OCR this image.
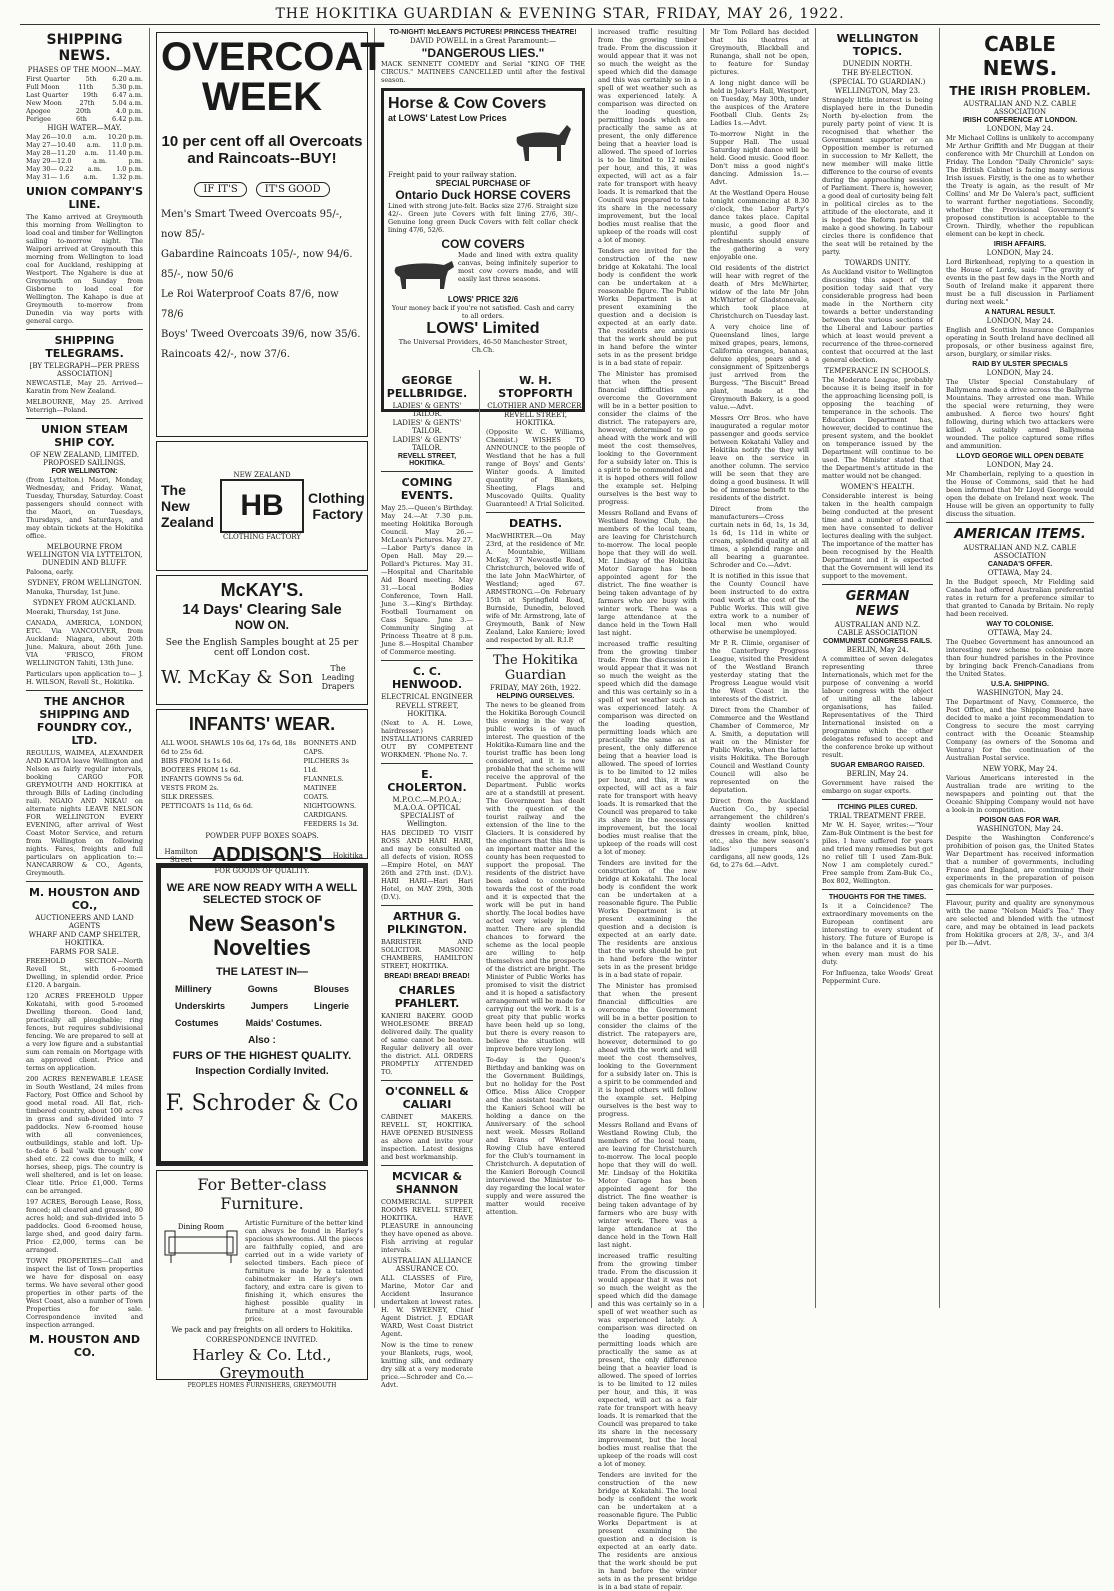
THE HOKITIKA GUARDIAN & EVENING STAR, FRIDAY, MAY 26, 1922.
SHIPPING NEWS.
PHASES OF THE MOON—MAY.
First Quarter 5th 6.20 a.m.
Full Moon	11th	5.30 p.m.
Last Quarter 19th 6.47 a.m.
New Moon	27th	5.04 a.m.
Apogee	20th	4.0 p.m.
Perigee	6th	6.42 p.m.
HIGH WATER—MAY.
May 26—10.0 a.m. 10.20 p.m.
May 27—10.40 a.m. 11.0 p.m.
May 28—11.20 a.m. 11.40 p.m.
May 29—12.0	a.m.	p.m.
May 30— 0.22 a.m. 1.0 p.m.
May 31— 1.6 a.m. 1.32 p.m.
UNION COMPANY'S LINE.

The Kamo arrived at Greymouth this morning from Wellington to load coal and timber for Wellington sailing to-morrow night. The Waipori arrived at Greymouth this morning from Wellington to load coal for Auckland, reshipping at Westport. The Ngahere is due at Greymouth on Sunday from Gisborne to load coal for Wellington. The Kahapo is due at Greymouth to-morrow from Dunedin via way ports with general cargo.

SHIPPING TELEGRAMS.
[BY TELEGRAPH—PER PRESS ASSOCIATION]

NEWCASTLE, May 25. Arrived—Karatin from New Zealand.

MELBOURNE, May 25. Arrived Yeterrigh—Poland.

UNION STEAM SHIP COY.
OF NEW ZEALAND, LIMITED. PROPOSED SAILINGS.
FOR WELLINGTON:

(from Lyttelton.) Maori, Monday, Wednesday, and Friday. Wanat, Tuesday, Thursday, Saturday. Coast passengers should connect with the Maori, on Tuesdays, Thursdays, and Saturdays, and may obtain tickets at the Hokitika office.

MELBOURNE FROM WELLINGTON VIA LYTTELTON, DUNEDIN AND BLUFF.

Paloona, early.

SYDNEY, FROM WELLINGTON.

Manuka, Thursday, 1st June.

SYDNEY FROM AUCKLAND.

Moeraki, Thursday, 1st June.

CANADA, AMERICA, LONDON, ETC. Via VANCOUVER, from Auckland: Niagara, about 20th June. Makura, about 26th June. VIA 'FRISCO, FROM WELLINGTON Tahiti, 13th June.

Particulars upon application to— J. H. WILSON, Revell St., Hokitika.

THE ANCHOR SHIPPING AND FOUNDRY COY., LTD.

REGULUS, WAIMEA, ALEXANDER AND KAITOA leave Wellington and Nelson as fairly regular intervals, booking CARGO FOR GREYMOUTH AND HOKITIKA at through Bills of Lading (including rail). NGAIO AND NIKAU on alternate nights LEAVE NELSON FOR WELLINGTON EVERY EVENING, after arrival of West Coast Motor Service, and return from Wellington on following nights. Fares, freights and full particulars on application to:— NANCARROW & CO., Agents, Greymouth.

M. HOUSTON AND CO.,
AUCTIONEERS AND LAND AGENTS
WHARF AND CAMP SHELTER, HOKITIKA.
FARMS FOR SALE.

FREEHOLD SECTION—North Revell St., with 6-roomed Dwelling, in splendid order. Price £120. A bargain.

120 ACRES FREEHOLD Upper Kokatahi, with good 5-roomed Dwelling thereon. Good land, practically all ploughable; ring fences, but requires subdivisional fencing. We are prepared to sell at a very low figure and a substantial sum can remain on Mortgage with an approved client. Price and terms on application.

200 ACRES RENEWABLE LEASE in South Westland, 24 miles from Factory, Post Office and School by good metal road. All flat, rich-timbered country, about 100 acres in grass and sub-divided into 7 paddocks. New 6-roomed house with all conveniences, outbuildings, stable and loft. Up-to-date 6 bail 'walk through' cow shed etc. 22 cows due to milk, 4 horses, sheep, pigs. The country is well sheltered, and is let on lease. Clear title. Price £1,000. Terms can be arranged.

197 ACRES, Borough Lease, Ross, fenced; all cleared and grassed, 80 acres hold; and sub-divided into 5 paddocks. Good 6-roomed house, large shed, and good dairy farm. Price £2,000, terms can be arranged.

TOWN PROPERTIES—Call and inspect the list of Town properties we have for disposal on easy terms. We have several other good properties in other parts of the West Coast, also a number of Town Properties for sale. Correspondence invited and inspection arranged.

M. HOUSTON AND CO.
OVERCOAT
WEEK
10 per cent off all Overcoats and Raincoats--BUY!
IF IT'S	IT'S GOOD
Men's Smart Tweed Overcoats 95/-, now 85/-
Gabardine Raincoats 105/-, now 94/6.
85/-, now 50/6
Le Roi Waterproof Coats 87/6, now 78/6
Boys' Tweed Overcoats 39/6, now 35/6.
Raincoats 42/-, now 37/6.
The New Zealand
NEW ZEALAND
HB
CLOTHING FACTORY
Clothing Factory
McKAY'S.
14 Days' Clearing Sale
NOW ON.
See the English Samples bought at 25 per cent off London cost.
W. McKay & Son	The Leading Drapers
INFANTS' WEAR.
ALL WOOL SHAWLS 10s 6d, 17s 6d, 18s 6d to 25s 6d.
BIBS FROM 1s 1s 6d.
BOOTEES FROM 1s 6d.
INFANTS GOWNS 5s 6d.
VESTS FROM 2s.
SILK DRESSES.
PETTICOATS 1s 11d, 6s 6d.
BONNETS AND CAPS.
PILCHERS 3s 11d.
FLANNELS.
MATINEE COATS.
NIGHTGOWNS.
CARDIGANS.
FEEDERS 1s 3d.
POWDER PUFF BOXES SOAPS.
Hamilton Street ADDISON'S Hokitika
FOR GOODS OF QUALITY.
WE ARE NOW READY WITH A WELL SELECTED STOCK OF
New Season's Novelties
THE LATEST IN—
Millinery	Gowns	Blouses
Underskirts	Jumpers	Lingerie
Costumes	Maids' Costumes.
Also :
FURS OF THE HIGHEST QUALITY.
Inspection Cordially Invited.
F. Schroder & Co
For Better-class Furniture.
Dining Room	Artistic Furniture of the better kind can always be found in Harley's spacious showrooms. All the pieces are faithfully copied, and are carried out in a wide variety of selected timbers. Each piece of furniture is made by a talented cabinetmaker in Harley's own factory, and extra care is given to finishing it, which ensures the highest possible quality in furniture at a most favourable price.

We pack and pay freights on all orders to Hokitika.
CORRESPONDENCE INVITED.
Harley & Co. Ltd., Greymouth
PEOPLES HOMES FURNISHERS, GREYMOUTH
TO-NIGHT! McLEAN'S PICTURES! PRINCESS THEATRE!
DAVID POWELL in a Great Paramount:—
"DANGEROUS LIES."

MACK SENNETT COMEDY and Serial "KING OF THE CIRCUS." MATINEES CANCELLED until after the festival season.

Horse & Cow Covers
at LOWS' Latest Low Prices
Freight paid to your railway station.
SPECIAL PURCHASE OF
Ontario Duck HORSE COVERS

Lined with strong jute-felt. Backs size 27/6. Straight size 42/-. Green jute Covers with felt lining 27/6, 30/-. Genuine long green Duck Covers with felt collar check lining 47/6, 52/6.

COW COVERS

Made and lined with extra quality canvas, being infinitely superior to most cow covers made, and will easily last three seasons.

LOWS' PRICE 32/6
Your money back if you're not satisfied. Cash and carry to all orders.
LOWS' Limited
The Universal Providers, 46-50 Manchester Street, Ch.Ch.
GEORGE PELLBRIDGE.
LADIES' & GENTS' TAILOR.
LADIES' & GENTS' TAILOR.
LADIES' & GENTS' TAILOR.
REVELL STREET, HOKITIKA.
COMING EVENTS.

May 25.—Queen's Birthday. May 24.—At 7.30 p.m. meeting Hokitika Borough Council. May 26.—McLean's Pictures. May 27.—Labor Party's dance in Open Hall. May 29.—Pollard's Pictures. May 31.—Hospital and Charitable Aid Board meeting. May 31.—Local Bodies Conference, Town Hall. June 3.—King's Birthday. Football Tournament on Cass Square. June 3.—Community Singing at Princess Theatre at 8 p.m. June 8.—Hospital Chamber of Commerce meeting.

C. C. HENWOOD.
ELECTRICAL ENGINEER
REVELL STREET, HOKITIKA.

(Next to A. H. Lowe, hairdresser.) INSTALLATIONS CARRIED OUT BY COMPETENT WORKMEN. 'Phone No. 7.

E. CHOLERTON.
M.P.O.C.—M.P.O.A.; M.A.O.A. OPTICAL SPECIALIST of Wellington.

HAS DECIDED TO VISIT ROSS AND HARI HARI, and may be consulted on all defects of vision. ROSS—Empire Hotel, on MAY 26th and 27th inst. (D.V.). HARI HARI—Hari Hari Hotel, on MAY 29th, 30th (D.V.).

ARTHUR G. PILKINGTON.

BARRISTER AND SOLICITOR. MASONIC CHAMBERS, HAMILTON STREET, HOKITIKA.

BREAD! BREAD! BREAD!
CHARLES PFAHLERT.

KANIERI BAKERY. GOOD WHOLESOME BREAD delivered daily. The quality of same cannot be beaten. Regular delivery all over the district. ALL ORDERS PROMPTLY ATTENDED TO.

O'CONNELL & CALIARI

CABINET MAKERS. REVELL ST, HOKITIKA. HAVE OPENED BUSINESS as above and invite your inspection. Latest designs and best workmanship.

MCVICAR & SHANNON

COMMERCIAL SUPPER ROOMS REVELL STREET, HOKITIKA. HAVE PLEASURE in announcing they have opened as above. Fish arriving at regular intervals.

AUSTRALIAN ALLIANCE ASSURANCE CO.

ALL CLASSES of Fire, Marine, Motor Car and Accident Insurance undertaken at lowest rates. H. W. SWEENEY, Chief Agent District. J. EDGAR WARD, West Coast District Agent.

Now is the time to renew your Blankets, rugs, wool, knitting silk, and ordinary dry silk at a very moderate price.—Schroder and Co.—Advt.

W. H. STOPFORTH
CLOTHIER AND MERCER.
REVELL STREET, HOKITIKA.

(Opposite W. C. Williams, Chemist.) WISHES TO ANNOUNCE to the people of Westland that he has a full range of Boys' and Gents' Winter goods. A limited quantity of Blankets, Sheeting, Flags and Muscovado Quilts. Quality Guaranteed! A Trial Solicited.

DEATHS.

MacWHIRTER.—On May 23rd, at the residence of Mr. A. Mountabie, William McKay, 37 Newcastle Road, Christchurch, beloved wife of the late John MacWhirter, of Westland; aged 67. ARMSTRONG.—On February 15th at Springfield Road, Burnside, Dunedin, beloved wife of Mr. Armstrong, late of Greymouth, Bank of New Zealand, Lake Kaniere; loved and respected by all. R.I.P.

The Hokitika Guardian
FRIDAY, MAY 26th, 1922.
HELPING OURSELVES.

The news to be gleaned from the Hokitika Borough Council this evening in the way of public works is of much interest. The question of the Hokitika-Kumara line and the tourist traffic has been long considered, and it is now probable that the scheme will receive the approval of the Department. Public works are at a standstill at present. The Government has dealt with the question of the tourist railway and the extension of the line to the Glaciers. It is considered by the engineers that this line is an important matter and the county has been requested to support the proposal. The residents of the district have been asked to contribute towards the cost of the road and it is expected that the work will be put in hand shortly. The local bodies have acted very wisely in the matter. There are splendid chances to forward the scheme as the local people are willing to help themselves and the prospects of the district are bright. The Minister of Public Works has promised to visit the district and it is hoped a satisfactory arrangement will be made for carrying out the work. It is a great pity that public works have been held up so long, but there is every reason to believe the situation will improve before very long.

To-day is the Queen's Birthday and banking was on the Government Buildings, but no holiday for the Post Office. Miss Alice Cropper and the assistant teacher at the Kanieri School will be holding a dance on the Anniversary of the school next week. Messrs Rolland and Evans of Westland Rowing Club have entered for the Club's tournament in Christchurch. A deputation of the Kanieri Borough Council interviewed the Minister to-day regarding the local water supply and were assured the matter would receive attention.

increased traffic resulting from the growing timber trade. From the discussion it would appear that it was not so much the weight as the speed which did the damage and this was certainly so in a spell of wet weather such as was experienced lately. A comparison was directed on the loading question, permitting loads which are practically the same as at present, the only difference being that a heavier load is allowed. The speed of lorries is to be limited to 12 miles per hour, and this, it was expected, will act as a fair rate for transport with heavy loads. It is remarked that the Council was prepared to take its share in the necessary improvement, but the local bodies must realise that the upkeep of the roads will cost a lot of money.

Tenders are invited for the construction of the new bridge at Kokatahi. The local body is confident the work can be undertaken at a reasonable figure. The Public Works Department is at present examining the question and a decision is expected at an early date. The residents are anxious that the work should be put in hand before the winter sets in as the present bridge is in a bad state of repair.

The Minister has promised that when the present financial difficulties are overcome the Government will be in a better position to consider the claims of the district. The ratepayers are, however, determined to go ahead with the work and will meet the cost themselves, looking to the Government for a subsidy later on. This is a spirit to be commended and it is hoped others will follow the example set. Helping ourselves is the best way to progress.

Messrs Rolland and Evans of Westland Rowing Club, the members of the local team, are leaving for Christchurch to-morrow. The local people hope that they will do well. Mr. Lindsay of the Hokitika Motor Garage has been appointed agent for the district. The fine weather is being taken advantage of by farmers who are busy with winter work. There was a large attendance at the dance held in the Town Hall last night.

increased traffic resulting from the growing timber trade. From the discussion it would appear that it was not so much the weight as the speed which did the damage and this was certainly so in a spell of wet weather such as was experienced lately. A comparison was directed on the loading question, permitting loads which are practically the same as at present, the only difference being that a heavier load is allowed. The speed of lorries is to be limited to 12 miles per hour, and this, it was expected, will act as a fair rate for transport with heavy loads. It is remarked that the Council was prepared to take its share in the necessary improvement, but the local bodies must realise that the upkeep of the roads will cost a lot of money.

Tenders are invited for the construction of the new bridge at Kokatahi. The local body is confident the work can be undertaken at a reasonable figure. The Public Works Department is at present examining the question and a decision is expected at an early date. The residents are anxious that the work should be put in hand before the winter sets in as the present bridge is in a bad state of repair.

The Minister has promised that when the present financial difficulties are overcome the Government will be in a better position to consider the claims of the district. The ratepayers are, however, determined to go ahead with the work and will meet the cost themselves, looking to the Government for a subsidy later on. This is a spirit to be commended and it is hoped others will follow the example set. Helping ourselves is the best way to progress.

Messrs Rolland and Evans of Westland Rowing Club, the members of the local team, are leaving for Christchurch to-morrow. The local people hope that they will do well. Mr. Lindsay of the Hokitika Motor Garage has been appointed agent for the district. The fine weather is being taken advantage of by farmers who are busy with winter work. There was a large attendance at the dance held in the Town Hall last night.

increased traffic resulting from the growing timber trade. From the discussion it would appear that it was not so much the weight as the speed which did the damage and this was certainly so in a spell of wet weather such as was experienced lately. A comparison was directed on the loading question, permitting loads which are practically the same as at present, the only difference being that a heavier load is allowed. The speed of lorries is to be limited to 12 miles per hour, and this, it was expected, will act as a fair rate for transport with heavy loads. It is remarked that the Council was prepared to take its share in the necessary improvement, but the local bodies must realise that the upkeep of the roads will cost a lot of money.

Tenders are invited for the construction of the new bridge at Kokatahi. The local body is confident the work can be undertaken at a reasonable figure. The Public Works Department is at present examining the question and a decision is expected at an early date. The residents are anxious that the work should be put in hand before the winter sets in as the present bridge is in a bad state of repair.

Mr Tom Pollard has decided that his theatres at Greymouth, Blackball and Runanga, shall not be open, to feature for Sunday pictures.

A long night dance will be held in Joker's Hall, Westport, on Tuesday, May 30th, under the auspices of the Aratere Football Club. Gents 2s; Ladies 1s.—Advt.

To-morrow Night in the Supper Hall. The usual Saturday night dance will be held. Good music. Good floor. Don't miss a good night's dancing. Admission 1s.—Advt.

At the Westland Opera House tonight commencing at 8.30 o'clock, the Labor Party's dance takes place. Capital music, a good floor and plentiful supply of refreshments should ensure the gathering a very enjoyable one.

Old residents of the district will hear with regret of the death of Mrs McWhirter, widow of the late Mr John McWhirter of Gladstonevale, which took place at Christchurch on Tuesday last.

A very choice line of Queensland lines, large mixed grapes, pears, lemons, California oranges, bananas, deluxe apples, pears and a consignment of Spitzenbergs just arrived from the Burgess. "The Biscuit" Bread plant, made at the Greymouth Bakery, is a good value.—Advt.

Messrs Orr Bros. who have inaugurated a regular motor passenger and goods service between Kokatahi Valley and Hokitika notify the they will leave on the service in another column. The service will be seen that they are doing a good business. It will be of immense benefit to the residents of the district.

Direct from the manufacturers—Cross curtain nets in 6d, 1s, 1s 3d, 1s 6d, 1s 11d in white or cream, splendid quality at all times, a splendid range and all bearing a guarantee. Schroder and Co.—Advt.

It is notified in this issue that the County Council have been instructed to do extra road work at the cost of the Public Works. This will give extra work to a number of local men who would otherwise be unemployed.

Mr P. R. Climie, organiser of the Canterbury Progress League, visited the President of the Westland Branch yesterday stating that the Progress League would visit the West Coast in the interests of the district.

Direct from the Chamber of Commerce and the Westland Chamber of Commerce, Mr A. Smith, a deputation will wait on the Minister for Public Works, when the latter visits Hokitika. The Borough Council and Westland County Council will also be represented on the deputation.

Direct from the Auckland Auction Co., by special arrangement the children's dainty woollen knitted dresses in cream, pink, blue, etc., also the new season's ladies' jumpers and cardigans, all new goods, 12s 6d, to 27s 6d.—Advt.

WELLINGTON TOPICS.
DUNEDIN NORTH.
THE BY-ELECTION.
(SPECIAL TO GUARDIAN.)
WELLINGTON, May 23.

Strangely little interest is being displayed here in the Dunedin North by-election from the purely party point of view. It is recognised that whether the Government supporter or an Opposition member is returned in succession to Mr Kellett, the new member will make little difference to the course of events during the approaching session of Parliament. There is, however, a good deal of curiosity being felt in political circles as to the attitude of the electorate, and it is hoped the Reform party will make a good showing. In Labour circles there is confidence that the seat will be retained by the party.

TOWARDS UNITY.

As Auckland visitor to Wellington discussing this aspect of the position today said that very considerable progress had been made in the Northern city towards a better understanding between the various sections of the Liberal and Labour parties which at least would prevent a recurrence of the three-cornered contest that occurred at the last general election.

TEMPERANCE IN SCHOOLS.

The Moderate League, probably because it is being itself in for the approaching licensing poll, is opposing the teaching of temperance in the schools. The Education Department has, however, decided to continue the present system, and the booklet on temperance issued by the Department will continue to be used. The Minister stated that the Department's attitude in the matter would not be changed.

WOMEN'S HEALTH.

Considerable interest is being taken in the health campaign being conducted at the present time and a number of medical men have consented to deliver lectures dealing with the subject. The importance of the matter has been recognised by the Health Department and it is expected that the Government will lend its support to the movement.

GERMAN NEWS
AUSTRALIAN AND N.Z. CABLE ASSOCIATION
COMMUNIST CONGRESS FAILS.
BERLIN, May 24.

A committee of seven delegates representing three Internationals, which met for the purpose of convening a world labour congress with the object of uniting all the labour organisations, has failed. Representatives of the Third International insisted on a programme which the other delegates refused to accept and the conference broke up without result.

SUGAR EMBARGO RAISED.
BERLIN, May 24.

Government have raised the embargo on sugar exports.

ITCHING PILES CURED.
TRIAL TREATMENT FREE.

Mr W. H. Sayer, writes:—"Your Zam-Buk Ointment is the best for piles. I have suffered for years and tried many remedies but got no relief till I used Zam-Buk. Now I am completely cured." Free sample from Zam-Buk Co., Box 802, Wellington.

THOUGHTS FOR THE TIMES.

Is it a Coincidence? The extraordinary movements on the European continent are interesting to every student of history. The future of Europe is in the balance and it is a time when every man must do his duty.

For Influenza, take Woods' Great Peppermint Cure.

CABLE NEWS.
THE IRISH PROBLEM.
AUSTRALIAN AND N.Z. CABLE ASSOCIATION
IRISH CONFERENCE AT LONDON.
LONDON, May 24.

Mr Michael Collins is unlikely to accompany Mr Arthur Griffith and Mr Duggan at their conference with Mr Churchill at London on Friday. The London "Daily Chronicle" says: The British Cabinet is facing many serious Irish issues. Firstly, is the one as to whether the Treaty is again, as the result of Mr Collins' and Mr De Valera's pact, sufficient to warrant further negotiations. Secondly, whether the Provisional Government's proposed constitution is acceptable to the Crown. Thirdly, whether the republican element can be kept in check.

IRISH AFFAIRS.
LONDON, May 24.

Lord Birkenhead, replying to a question in the House of Lords, said: "The gravity of events in the past few days in the North and South of Ireland make it apparent there must be a full discussion in Parliament during next week."

A NATURAL RESULT.
LONDON, May 24.

English and Scottish Insurance Companies operating in South Ireland have declined all proposals, or other business against fire, arson, burglary, or similar risks.

RAID BY ULSTER SPECIALS
LONDON, May 24.

The Ulster Special Constabulary of Ballymena made a drive across the Ballyrne Mountains. They arrested one man. While the special were returning, they were ambushed. A fierce two hours' fight following, during which two attackers were killed. A suitably armed Ballymena wounded. The police captured some rifles and ammunition.

LLOYD GEORGE WILL OPEN DEBATE
LONDON, May 24.

Mr Chamberlain, replying to a question in the House of Commons, said that he had been informed that Mr Lloyd George would open the debate on Ireland next week. The House will be given an opportunity to fully discuss the situation.

AMERICAN ITEMS.
AUSTRALIAN AND N.Z. CABLE ASSOCIATION
CANADA'S OFFER.
OTTAWA, May 24.

In the Budget speech, Mr Fielding said Canada had offered Australian preferential rates in return for a preference similar to that granted to Canada by Britain. No reply had been received.

WAY TO COLONISE.
OTTAWA, May 24.

The Quebec Government has announced an interesting new scheme to colonise more than four hundred parishes in the Province by bringing back French-Canadians from the United States.

U.S.A. SHIPPING.
WASHINGTON, May 24.

The Department of Navy, Commerce, the Post Office, and the Shipping Board have decided to make a joint recommendation to Congress to secure the most carrying contract with the Oceanic Steamship Company (as owners of the Sonoma and Ventura) for the continuation of the Australian Postal service.

NEW YORK, May 24.

Various Americans interested in the Australian trade are writing to the newspapers and pointing out that the Oceanic Shipping Company would not have a look-in in competition.

POISON GAS FOR WAR.
WASHINGTON, May 24.

Despite the Washington Conference's prohibition of poison gas, the United States War Department has received information that a number of governments, including France and England, are continuing their experiments in the preparation of poison gas chemicals for war purposes.

Flavour, purity and quality are synonymous with the name "Nelson Maid's Tea." They are selected and blended with the utmost care, and may be obtained in lead packets from Hokitika grocers at 2/8, 3/-, and 3/4 per lb.—Advt.
